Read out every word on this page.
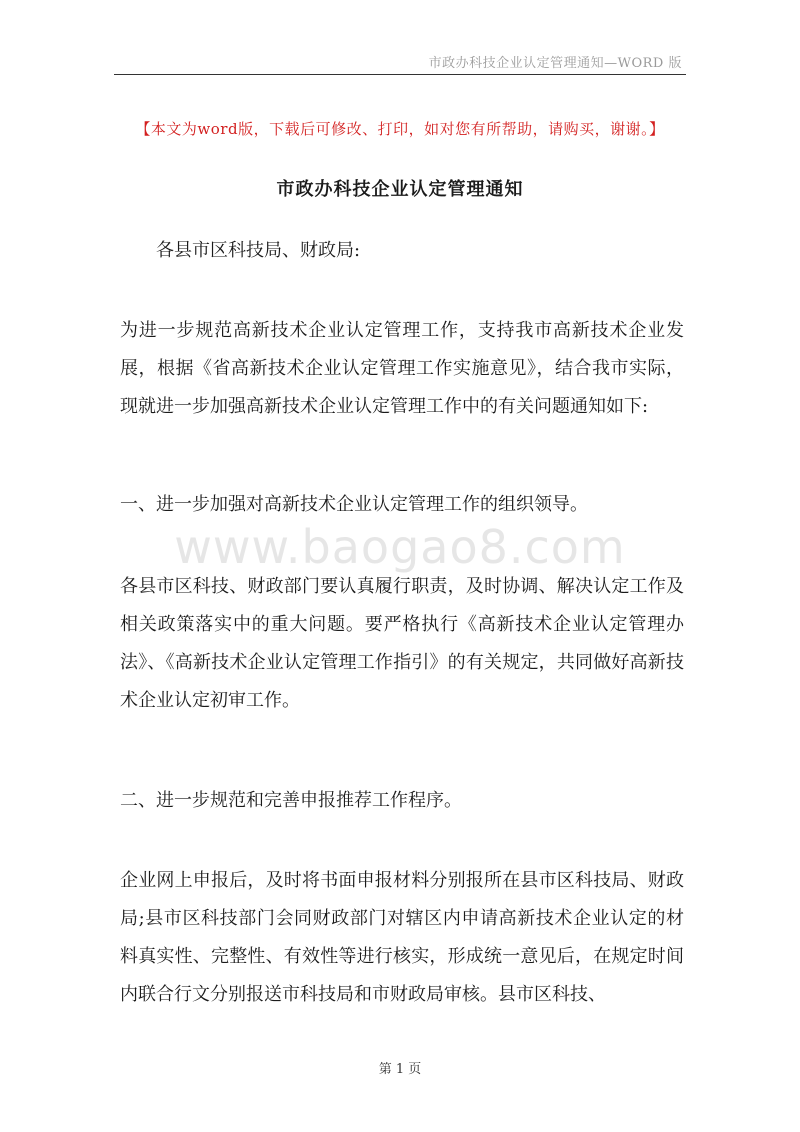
市政办科技企业认定管理通知—WORD 版
【本文为word版，下载后可修改、打印，如对您有所帮助，请购买，谢谢。】
市政办科技企业认定管理通知
各县市区科技局、财政局:
为进一步规范高新技术企业认定管理工作，支持我市高新技术企业发展，根据《省高新技术企业认定管理工作实施意见》，结合我市实际，现就进一步加强高新技术企业认定管理工作中的有关问题通知如下:
一、进一步加强对高新技术企业认定管理工作的组织领导。
www.baogao8.com
各县市区科技、财政部门要认真履行职责，及时协调、解决认定工作及相关政策落实中的重大问题。要严格执行《高新技术企业认定管理办法》、《高新技术企业认定管理工作指引》的有关规定，共同做好高新技术企业认定初审工作。
二、进一步规范和完善申报推荐工作程序。
企业网上申报后，及时将书面申报材料分别报所在县市区科技局、财政局;县市区科技部门会同财政部门对辖区内申请高新技术企业认定的材料真实性、完整性、有效性等进行核实，形成统一意见后，在规定时间内联合行文分别报送市科技局和市财政局审核。县市区科技、
第 1 页
